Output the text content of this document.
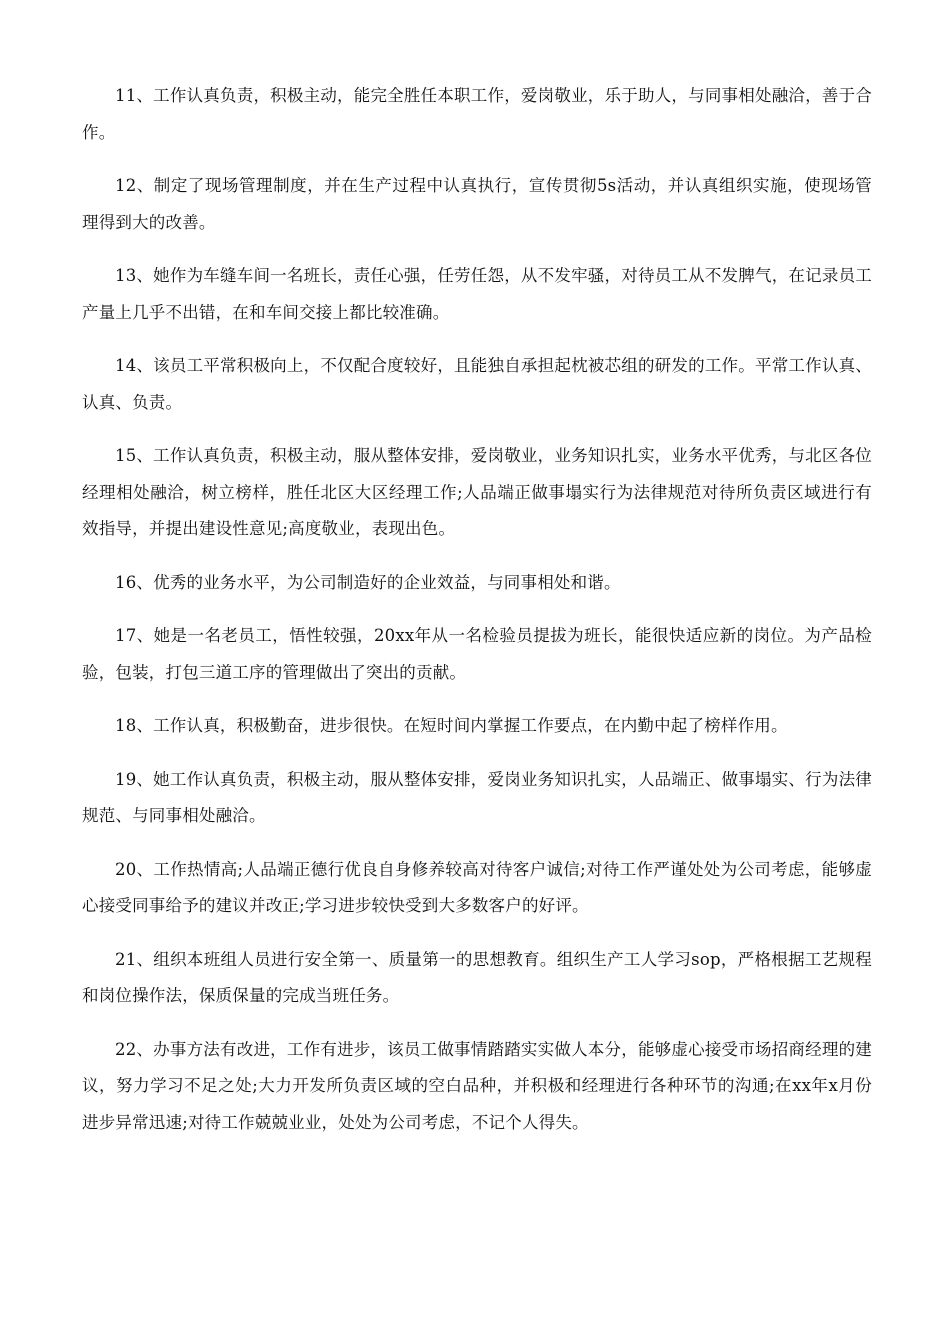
11、工作认真负责，积极主动，能完全胜任本职工作，爱岗敬业，乐于助人，与同事相处融洽，善于合作。

12、制定了现场管理制度，并在生产过程中认真执行，宣传贯彻5s活动，并认真组织实施，使现场管理得到大的改善。

13、她作为车缝车间一名班长，责任心强，任劳任怨，从不发牢骚，对待员工从不发脾气，在记录员工产量上几乎不出错，在和车间交接上都比较准确。

14、该员工平常积极向上，不仅配合度较好，且能独自承担起枕被芯组的研发的工作。平常工作认真、认真、负责。

15、工作认真负责，积极主动，服从整体安排，爱岗敬业，业务知识扎实，业务水平优秀，与北区各位经理相处融洽，树立榜样，胜任北区大区经理工作;人品端正做事塌实行为法律规范对待所负责区域进行有效指导，并提出建设性意见;高度敬业，表现出色。

16、优秀的业务水平，为公司制造好的企业效益，与同事相处和谐。

17、她是一名老员工，悟性较强，20xx年从一名检验员提拔为班长，能很快适应新的岗位。为产品检验，包装，打包三道工序的管理做出了突出的贡献。

18、工作认真，积极勤奋，进步很快。在短时间内掌握工作要点，在内勤中起了榜样作用。

19、她工作认真负责，积极主动，服从整体安排，爱岗业务知识扎实，人品端正、做事塌实、行为法律规范、与同事相处融洽。

20、工作热情高;人品端正德行优良自身修养较高对待客户诚信;对待工作严谨处处为公司考虑，能够虚心接受同事给予的建议并改正;学习进步较快受到大多数客户的好评。

21、组织本班组人员进行安全第一、质量第一的思想教育。组织生产工人学习sop，严格根据工艺规程和岗位操作法，保质保量的完成当班任务。

22、办事方法有改进，工作有进步，该员工做事情踏踏实实做人本分，能够虚心接受市场招商经理的建议，努力学习不足之处;大力开发所负责区域的空白品种，并积极和经理进行各种环节的沟通;在xx年x月份进步异常迅速;对待工作兢兢业业，处处为公司考虑，不记个人得失。
